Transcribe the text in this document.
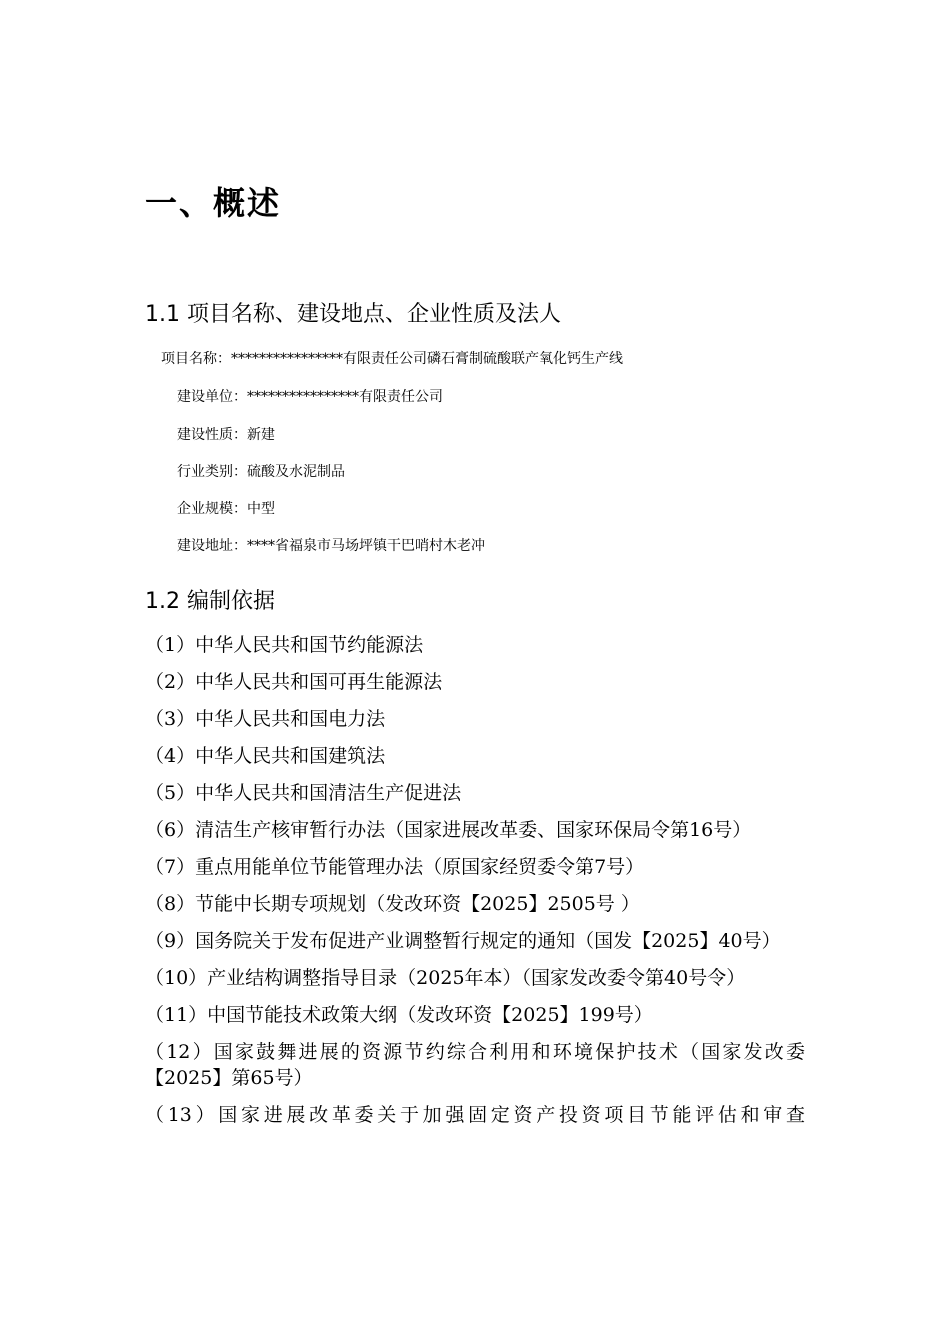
一、概述
1.1 项目名称、建设地点、企业性质及法人
项目名称：****************有限责任公司磷石膏制硫酸联产氧化钙生产线
建设单位：****************有限责任公司
建设性质：新建
行业类别：硫酸及水泥制品
企业规模：中型
建设地址：****省福泉市马场坪镇干巴哨村木老冲
1.2 编制依据
（1）中华人民共和国节约能源法
（2）中华人民共和国可再生能源法
（3）中华人民共和国电力法
（4）中华人民共和国建筑法
（5）中华人民共和国清洁生产促进法
（6）清洁生产核审暂行办法（国家进展改革委、国家环保局令第16号）
（7）重点用能单位节能管理办法（原国家经贸委令第7号）
（8）节能中长期专项规划（发改环资【2025】2505号 ）
（9）国务院关于发布促进产业调整暂行规定的通知（国发【2025】40号）
（10）产业结构调整指导目录（2025年本）（国家发改委令第40号令）
（11）中国节能技术政策大纲（发改环资【2025】199号）
（12）国家鼓舞进展的资源节约综合利用和环境保护技术（国家发改委【2025】第65号）
（13）国家进展改革委关于加强固定资产投资项目节能评估和审查
